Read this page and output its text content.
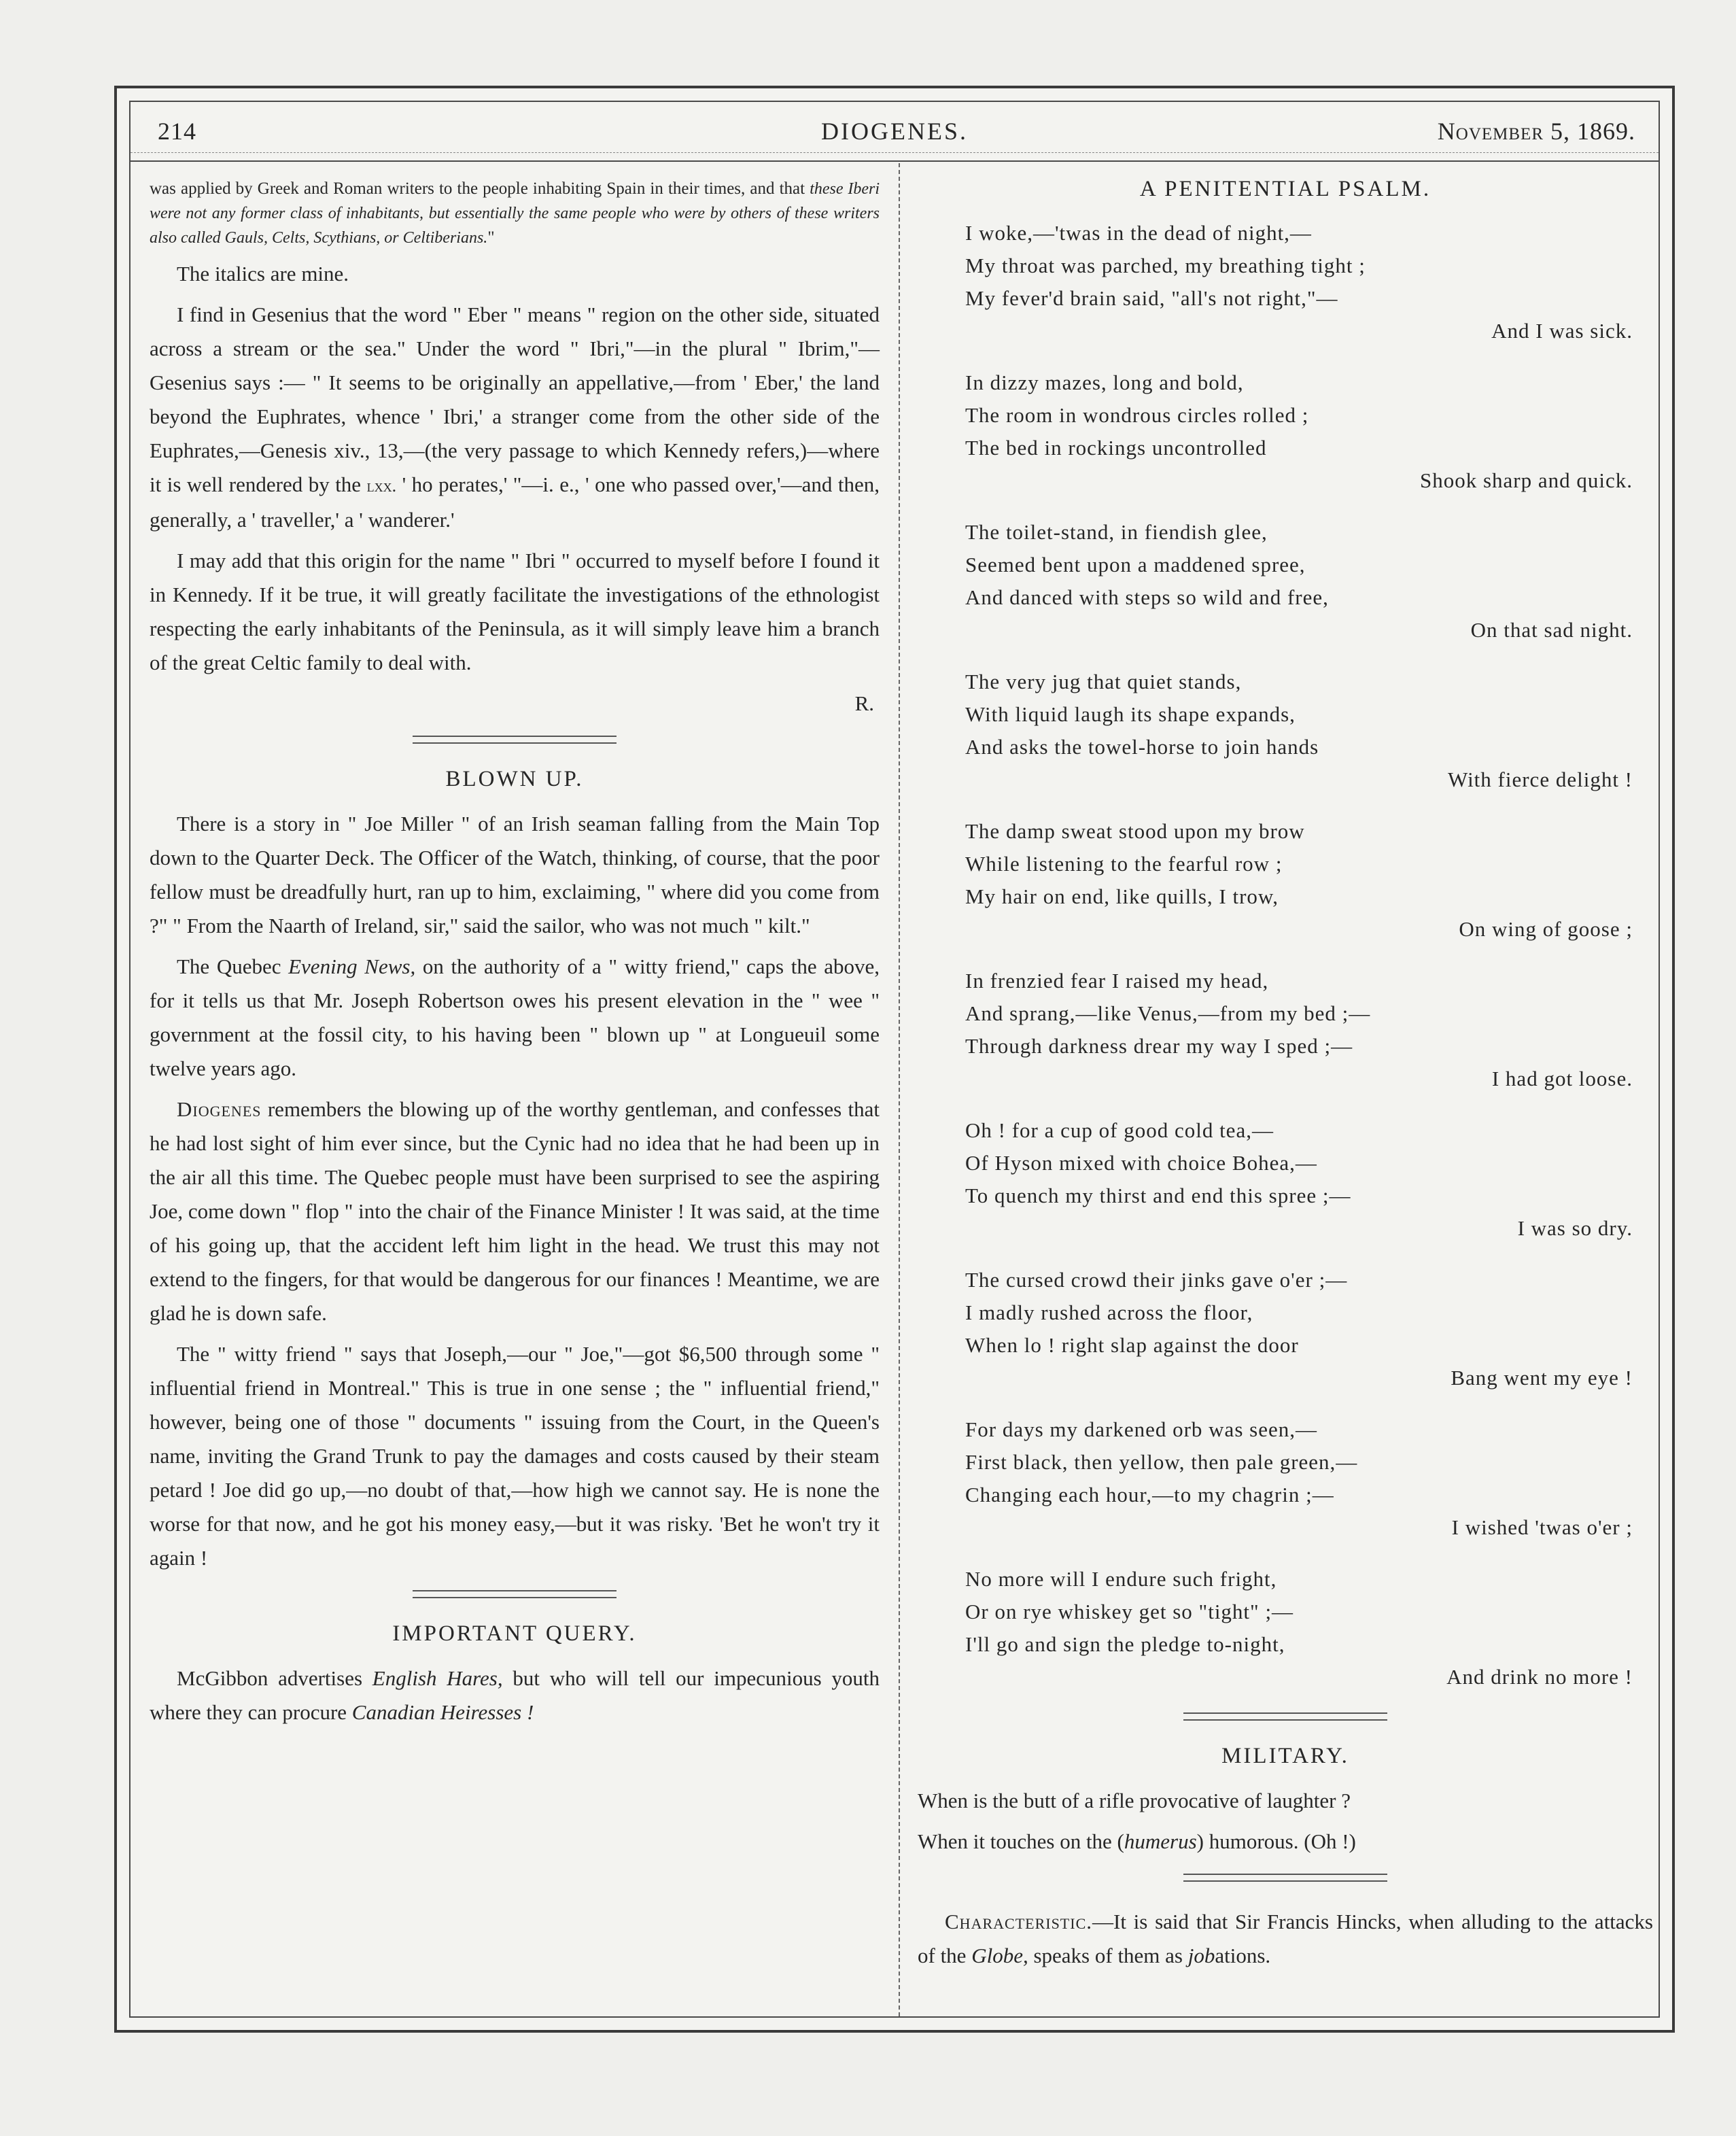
214	DIOGENES.	November 5, 1869.

was applied by Greek and Roman writers to the people inhabiting Spain in their times, and that these Iberi were not any former class of inhabitants, but essentially the same people who were by others of these writers also called Gauls, Celts, Scythians, or Celtiberians."

The italics are mine.

I find in Gesenius that the word " Eber " means " region on the other side, situated across a stream or the sea." Under the word " Ibri,"—in the plural " Ibrim,"—Gesenius says :— " It seems to be originally an appellative,—from ' Eber,' the land beyond the Euphrates, whence ' Ibri,' a stranger come from the other side of the Euphrates,—Genesis xiv., 13,—(the very passage to which Kennedy refers,)—where it is well rendered by the lxx. ' ho perates,' "—i. e., ' one who passed over,'—and then, generally, a ' traveller,' a ' wanderer.'

I may add that this origin for the name " Ibri " occurred to myself before I found it in Kennedy. If it be true, it will greatly facilitate the investigations of the ethnologist respecting the early inhabitants of the Peninsula, as it will simply leave him a branch of the great Celtic family to deal with.

R.

BLOWN UP.

There is a story in " Joe Miller " of an Irish seaman falling from the Main Top down to the Quarter Deck. The Officer of the Watch, thinking, of course, that the poor fellow must be dreadfully hurt, ran up to him, exclaiming, " where did you come from ?" " From the Naarth of Ireland, sir," said the sailor, who was not much " kilt."

The Quebec Evening News, on the authority of a " witty friend," caps the above, for it tells us that Mr. Joseph Robertson owes his present elevation in the " wee " government at the fossil city, to his having been " blown up " at Longueuil some twelve years ago.

Diogenes remembers the blowing up of the worthy gentleman, and confesses that he had lost sight of him ever since, but the Cynic had no idea that he had been up in the air all this time. The Quebec people must have been surprised to see the aspiring Joe, come down " flop " into the chair of the Finance Minister ! It was said, at the time of his going up, that the accident left him light in the head. We trust this may not extend to the fingers, for that would be dangerous for our finances ! Meantime, we are glad he is down safe.

The " witty friend " says that Joseph,—our " Joe,"—got $6,500 through some " influential friend in Montreal." This is true in one sense ; the " influential friend," however, being one of those " documents " issuing from the Court, in the Queen's name, inviting the Grand Trunk to pay the damages and costs caused by their steam petard ! Joe did go up,—no doubt of that,—how high we cannot say. He is none the worse for that now, and he got his money easy,—but it was risky. 'Bet he won't try it again !

IMPORTANT QUERY.

McGibbon advertises English Hares, but who will tell our impecunious youth where they can procure Canadian Heiresses !

A PENITENTIAL PSALM.
I woke,—'twas in the dead of night,—
My throat was parched, my breathing tight ;
My fever'd brain said, "all's not right,"—
And I was sick.
In dizzy mazes, long and bold,
The room in wondrous circles rolled ;
The bed in rockings uncontrolled
Shook sharp and quick.
The toilet-stand, in fiendish glee,
Seemed bent upon a maddened spree,
And danced with steps so wild and free,
On that sad night.
The very jug that quiet stands,
With liquid laugh its shape expands,
And asks the towel-horse to join hands
With fierce delight !
The damp sweat stood upon my brow
While listening to the fearful row ;
My hair on end, like quills, I trow,
On wing of goose ;
In frenzied fear I raised my head,
And sprang,—like Venus,—from my bed ;—
Through darkness drear my way I sped ;—
I had got loose.
Oh ! for a cup of good cold tea,—
Of Hyson mixed with choice Bohea,—
To quench my thirst and end this spree ;—
I was so dry.
The cursed crowd their jinks gave o'er ;—
I madly rushed across the floor,
When lo ! right slap against the door
Bang went my eye !
For days my darkened orb was seen,—
First black, then yellow, then pale green,—
Changing each hour,—to my chagrin ;—
I wished 'twas o'er ;
No more will I endure such fright,
Or on rye whiskey get so "tight" ;—
I'll go and sign the pledge to-night,
And drink no more !
MILITARY.

When is the butt of a rifle provocative of laughter ?

When it touches on the (humerus) humorous. (Oh !)

Characteristic.—It is said that Sir Francis Hincks, when alluding to the attacks of the Globe, speaks of them as jobations.
